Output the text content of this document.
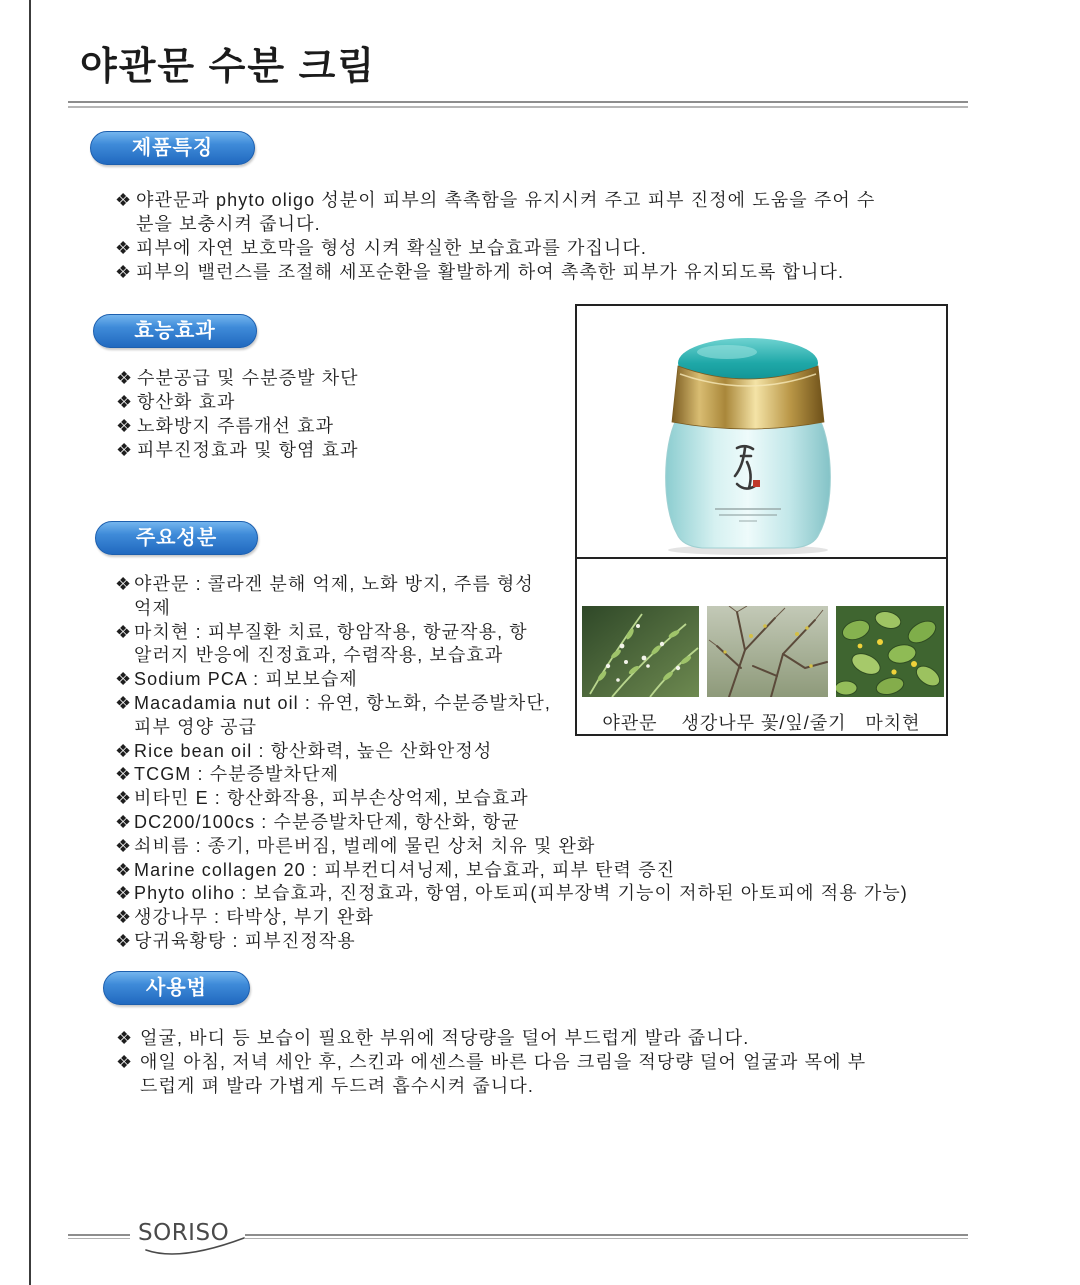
야관문 수분 크림
제품특징
❖ 야관문과 phyto oligo 성분이 피부의 촉촉함을 유지시켜 주고 피부 진정에 도움을 주어 수
분을 보충시켜 줍니다.
❖ 피부에 자연 보호막을 형성 시켜 확실한 보습효과를 가집니다.
❖ 피부의 밸런스를 조절해 세포순환을 활발하게 하여 촉촉한 피부가 유지되도록 합니다.
효능효과
❖ 수분공급 및 수분증발 차단
❖ 항산화 효과
❖ 노화방지 주름개선 효과
❖ 피부진정효과 및 항염 효과
주요성분
❖ 야관문 : 콜라겐 분해 억제, 노화 방지, 주름 형성
억제
❖ 마치현 : 피부질환 치료, 항암작용, 항균작용, 항
알러지 반응에 진정효과, 수렴작용, 보습효과
❖ Sodium PCA : 피보보습제
❖ Macadamia nut oil : 유연, 항노화, 수분증발차단,
피부 영양 공급
❖ Rice bean oil : 항산화력, 높은 산화안정성
❖ TCGM : 수분증발차단제
❖ 비타민 E : 항산화작용, 피부손상억제, 보습효과
❖ DC200/100cs : 수분증발차단제, 항산화, 항균
❖ 쇠비름 : 종기, 마른버짐, 벌레에 물린 상처 치유 및 완화
❖ Marine collagen 20 : 피부컨디셔닝제, 보습효과, 피부 탄력 증진
❖ Phyto oliho : 보습효과, 진정효과, 항염, 아토피(피부장벽 기능이 저하된 아토피에 적용 가능)
❖ 생강나무 : 타박상, 부기 완화
❖ 당귀육황탕 : 피부진정작용
사용법
❖ 얼굴, 바디 등 보습이 필요한 부위에 적당량을 덜어 부드럽게 발라 줍니다.
❖ 애일 아침, 저녁 세안 후, 스킨과 에센스를 바른 다음 크림을 적당량 덜어 얼굴과 목에 부
드럽게 펴 발라 가볍게 두드려 흡수시켜 줍니다.
야관문	생강나무 꽃/잎/줄기 마치현
SORISO
